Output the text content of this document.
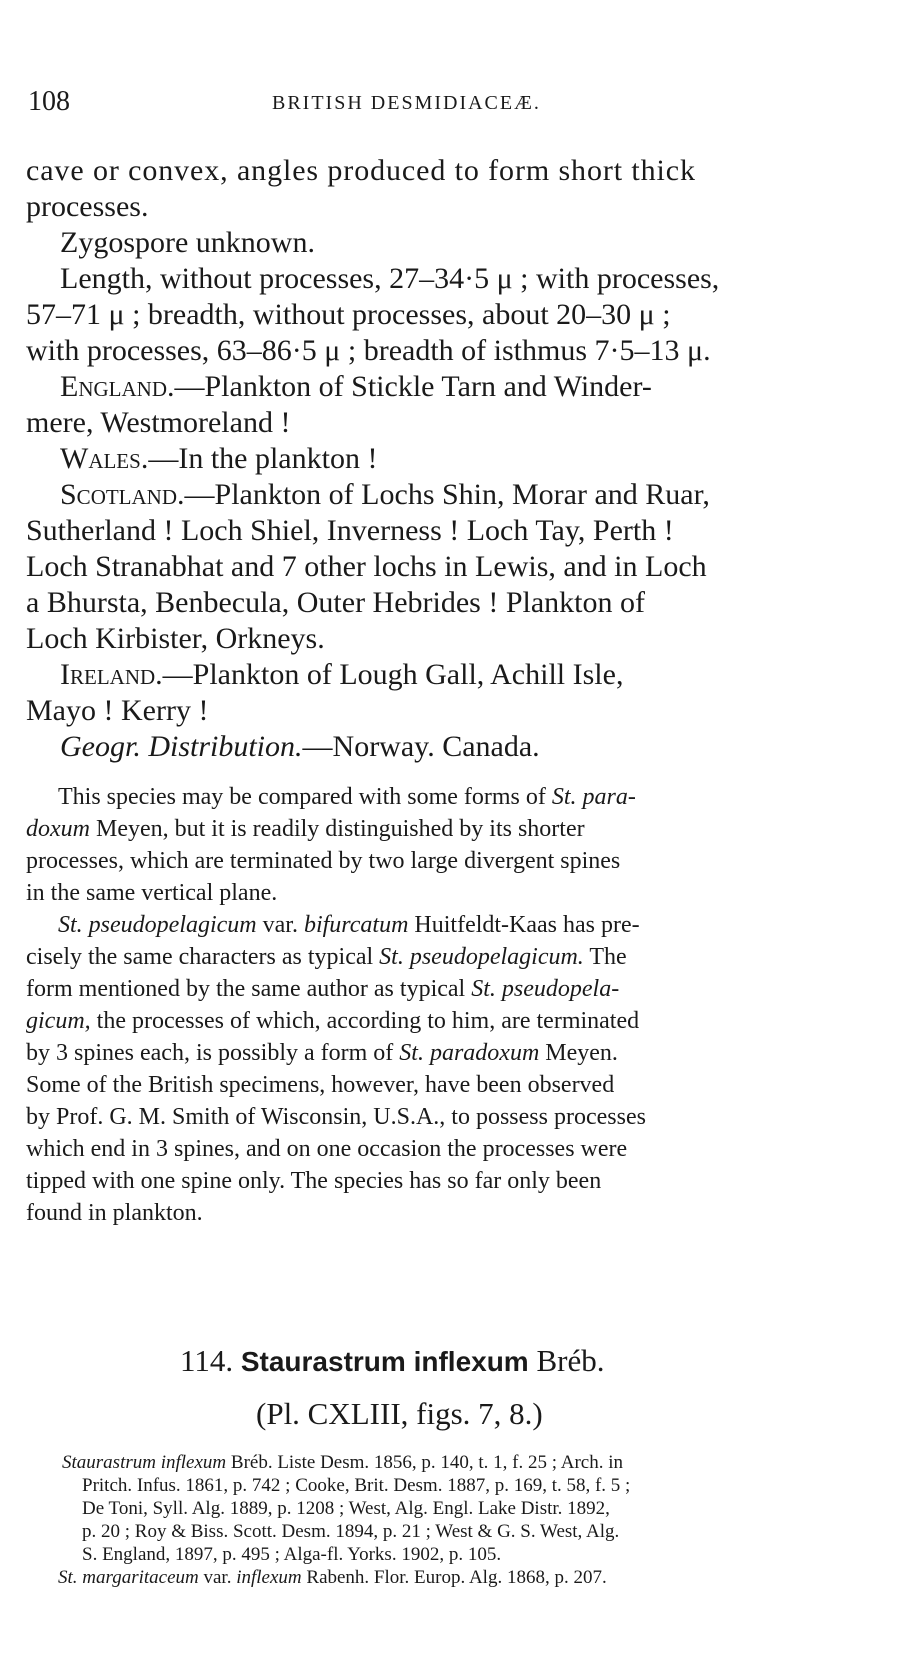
108	BRITISH DESMIDIACEÆ.
cave or convex, angles produced to form short thick
processes.
Zygospore unknown.
Length, without processes, 27–34·5 μ ; with processes,
57–71 μ ; breadth, without processes, about 20–30 μ ;
with processes, 63–86·5 μ ; breadth of isthmus 7·5–13 μ.
England.—Plankton of Stickle Tarn and Winder-
mere, Westmoreland !
Wales.—In the plankton !
Scotland.—Plankton of Lochs Shin, Morar and Ruar,
Sutherland ! Loch Shiel, Inverness ! Loch Tay, Perth !
Loch Stranabhat and 7 other lochs in Lewis, and in Loch
a Bhursta, Benbecula, Outer Hebrides ! Plankton of
Loch Kirbister, Orkneys.
Ireland.—Plankton of Lough Gall, Achill Isle,
Mayo ! Kerry !
Geogr. Distribution.—Norway. Canada.
This species may be compared with some forms of St. para-
doxum Meyen, but it is readily distinguished by its shorter
processes, which are terminated by two large divergent spines
in the same vertical plane.
St. pseudopelagicum var. bifurcatum Huitfeldt-Kaas has pre-
cisely the same characters as typical St. pseudopelagicum. The
form mentioned by the same author as typical St. pseudopela-
gicum, the processes of which, according to him, are terminated
by 3 spines each, is possibly a form of St. paradoxum Meyen.
Some of the British specimens, however, have been observed
by Prof. G. M. Smith of Wisconsin, U.S.A., to possess processes
which end in 3 spines, and on one occasion the processes were
tipped with one spine only. The species has so far only been
found in plankton.
114. Staurastrum inflexum Bréb.
(Pl. CXLIII, figs. 7, 8.)
Staurastrum inflexum Bréb. Liste Desm. 1856, p. 140, t. 1, f. 25 ; Arch. in
Pritch. Infus. 1861, p. 742 ; Cooke, Brit. Desm. 1887, p. 169, t. 58, f. 5 ;
De Toni, Syll. Alg. 1889, p. 1208 ; West, Alg. Engl. Lake Distr. 1892,
p. 20 ; Roy & Biss. Scott. Desm. 1894, p. 21 ; West & G. S. West, Alg.
S. England, 1897, p. 495 ; Alga-fl. Yorks. 1902, p. 105.
St. margaritaceum var. inflexum Rabenh. Flor. Europ. Alg. 1868, p. 207.
